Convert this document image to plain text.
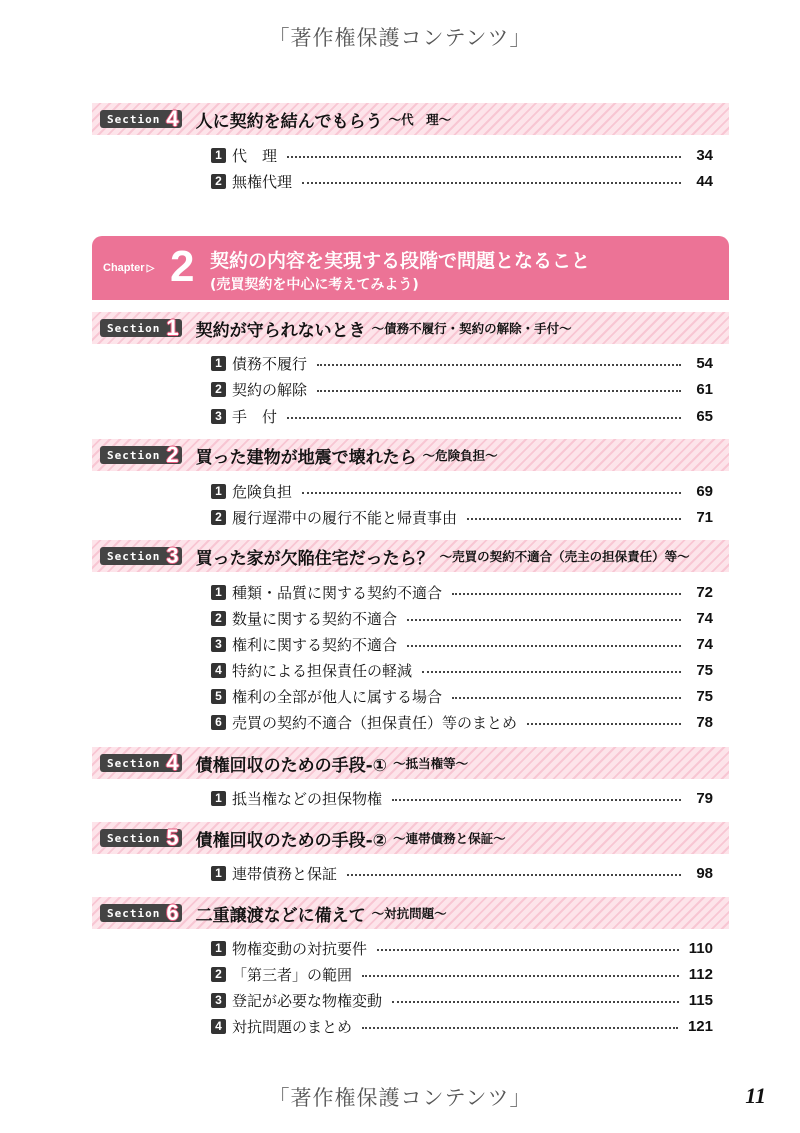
「著作権保護コンテンツ」
Section 4 人に契約を結んでもらう ～代　理～
1 代　理	34
2 無権代理	44
Chapter ▷ 2 契約の内容を実現する段階で問題となること
(売買契約を中心に考えてみよう)
Section 1 契約が守られないとき ～債務不履行・契約の解除・手付～
1 債務不履行	54
2 契約の解除	61
3 手　付	65
Section 2 買った建物が地震で壊れたら ～危険負担～
1 危険負担	69
2 履行遅滞中の履行不能と帰責事由	71
Section 3 買った家が欠陥住宅だったら？ ～売買の契約不適合（売主の担保責任）等～
1 種類・品質に関する契約不適合	72
2 数量に関する契約不適合	74
3 権利に関する契約不適合	74
4 特約による担保責任の軽減	75
5 権利の全部が他人に属する場合	75
6 売買の契約不適合（担保責任）等のまとめ	78
Section 4 債権回収のための手段-① ～抵当権等～
1 抵当権などの担保物権	79
Section 5 債権回収のための手段-② ～連帯債務と保証～
1 連帯債務と保証	98
Section 6 二重譲渡などに備えて ～対抗問題～
1 物権変動の対抗要件	110
2 「第三者」の範囲	112
3 登記が必要な物権変動	115
4 対抗問題のまとめ	121
「著作権保護コンテンツ」	11
